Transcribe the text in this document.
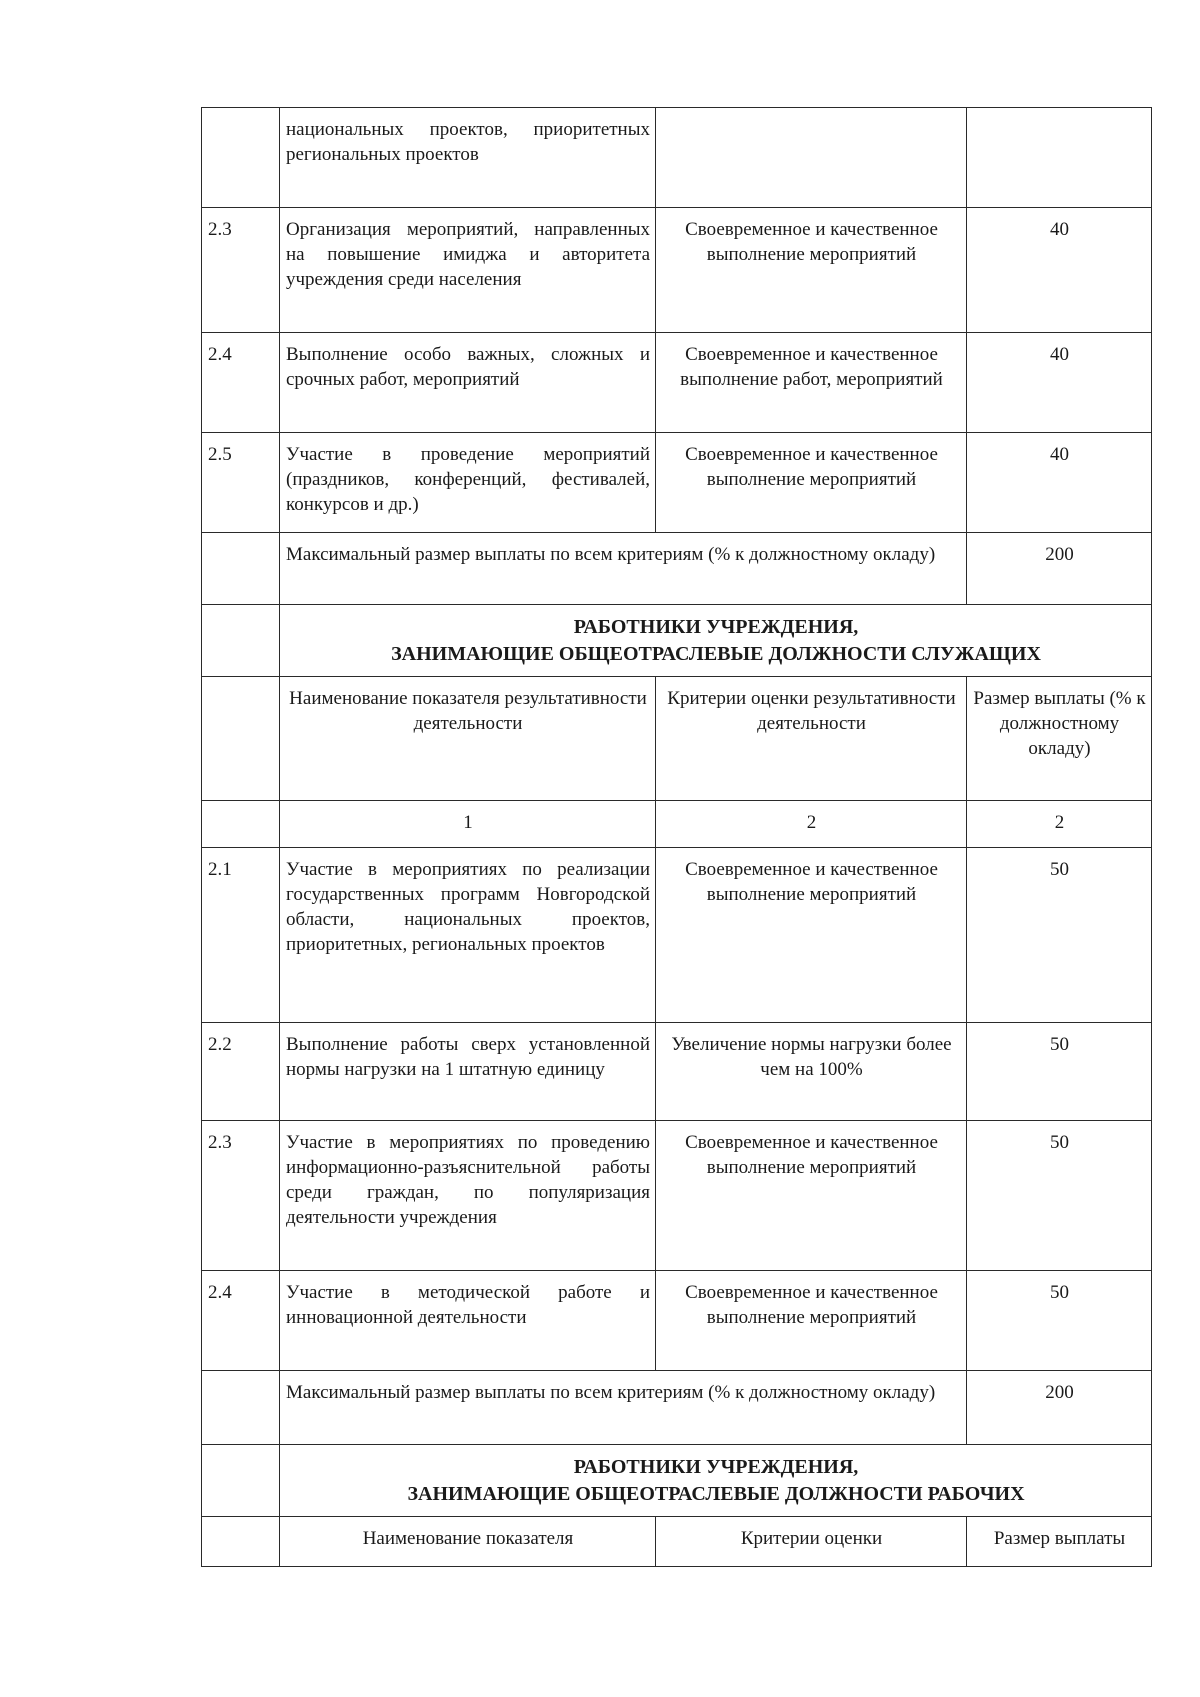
	национальных проектов, приоритетных региональных проектов		
2.3	Организация мероприятий, направленных на повышение имиджа и авторитета учреждения среди населения	Своевременное и качественное выполнение мероприятий	40
2.4	Выполнение особо важных, сложных и срочных работ, мероприятий	Своевременное и качественное выполнение работ, мероприятий	40
2.5	Участие в проведение мероприятий (праздников, конференций, фестивалей, конкурсов и др.)	Своевременное и качественное выполнение мероприятий	40
	Максимальный размер выплаты по всем критериям (% к должностному окладу)		200

	РАБОТНИКИ УЧРЕЖДЕНИЯ,
ЗАНИМАЮЩИЕ ОБЩЕОТРАСЛЕВЫЕ ДОЛЖНОСТИ СЛУЖАЩИХ		

	Наименование показателя результативности деятельности	Критерии оценки результативности деятельности	Размер выплаты (% к должностному окладу)
	1	2	2
2.1	Участие в мероприятиях по реализации государственных программ Новгородской области, национальных проектов, приоритетных, региональных проектов	Своевременное и качественное выполнение мероприятий	50
2.2	Выполнение работы сверх установленной нормы нагрузки на 1 штатную единицу	Увеличение нормы нагрузки более чем на 100%	50
2.3	Участие в мероприятиях по проведению информационно-разъяснительной работы среди граждан, по популяризация деятельности учреждения	Своевременное и качественное выполнение мероприятий	50
2.4	Участие в методической работе и инновационной деятельности	Своевременное и качественное выполнение мероприятий	50
	Максимальный размер выплаты по всем критериям (% к должностному окладу)		200

	РАБОТНИКИ УЧРЕЖДЕНИЯ,
ЗАНИМАЮЩИЕ ОБЩЕОТРАСЛЕВЫЕ ДОЛЖНОСТИ РАБОЧИХ		

	Наименование показателя	Критерии оценки	Размер выплаты
